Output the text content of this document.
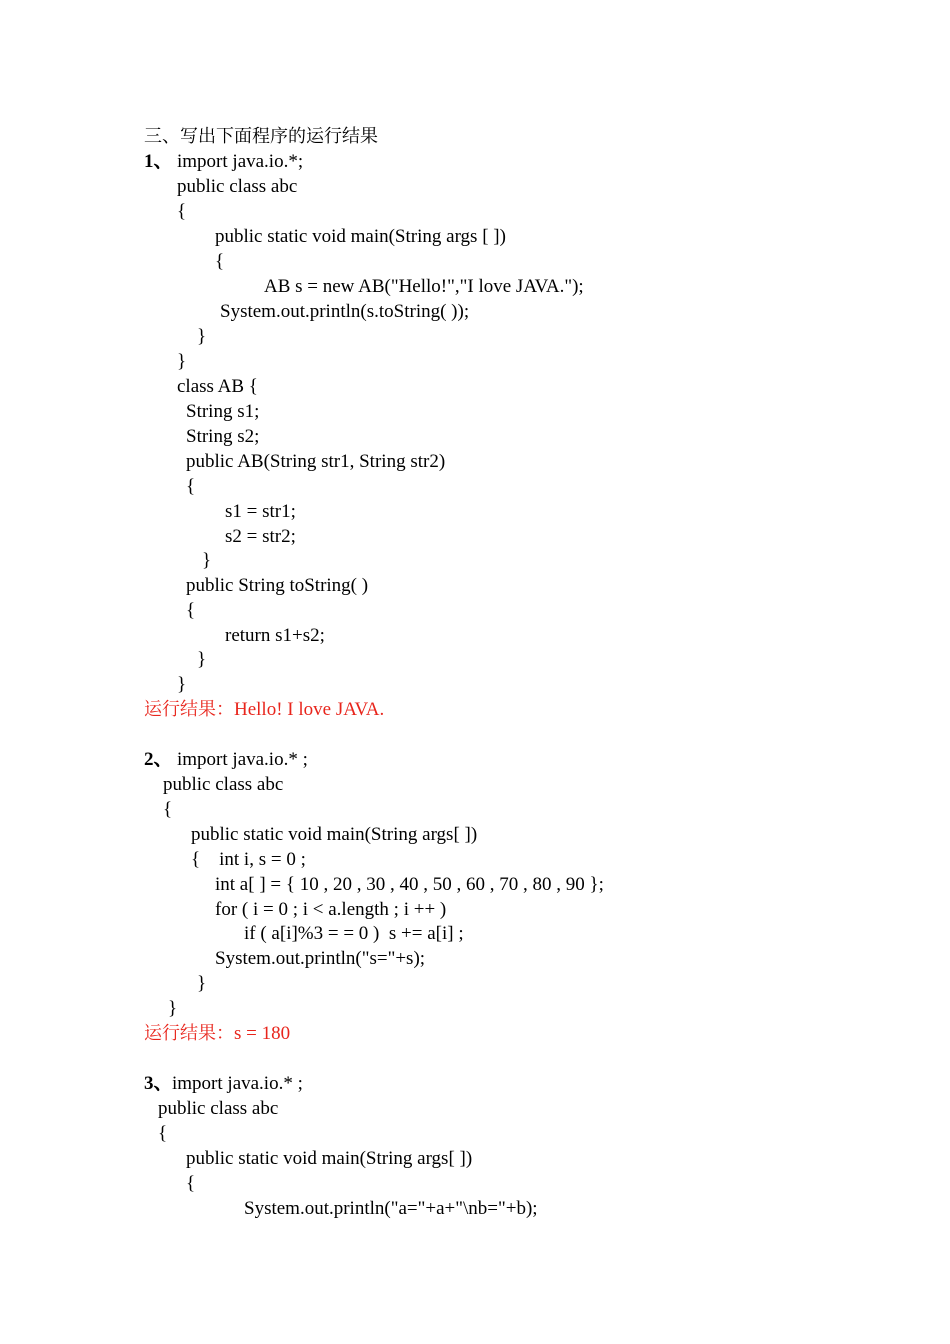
三、写出下面程序的运行结果
1、 import java.io.*;
public class abc
{
public static void main(String args [ ])
{
AB s = new AB("Hello!","I love JAVA.");
System.out.println(s.toString( ));
}
}
class AB {
String s1;
String s2;
public AB(String str1, String str2)
{
s1 = str1;
s2 = str2;
}
public String toString( )
{
return s1+s2;
}
}
运行结果：Hello! I love JAVA.
2、 import java.io.* ;
public class abc
{
public static void main(String args[ ])
{    int i, s = 0 ;
int a[ ] = { 10 , 20 , 30 , 40 , 50 , 60 , 70 , 80 , 90 };
for ( i = 0 ; i < a.length ; i ++ )
if ( a[i]%3 = = 0 )  s += a[i] ;
System.out.println("s="+s);
}
}
运行结果：s = 180
3、 import java.io.* ;
public class abc
{
public static void main(String args[ ])
{
System.out.println("a="+a+"\nb="+b);
